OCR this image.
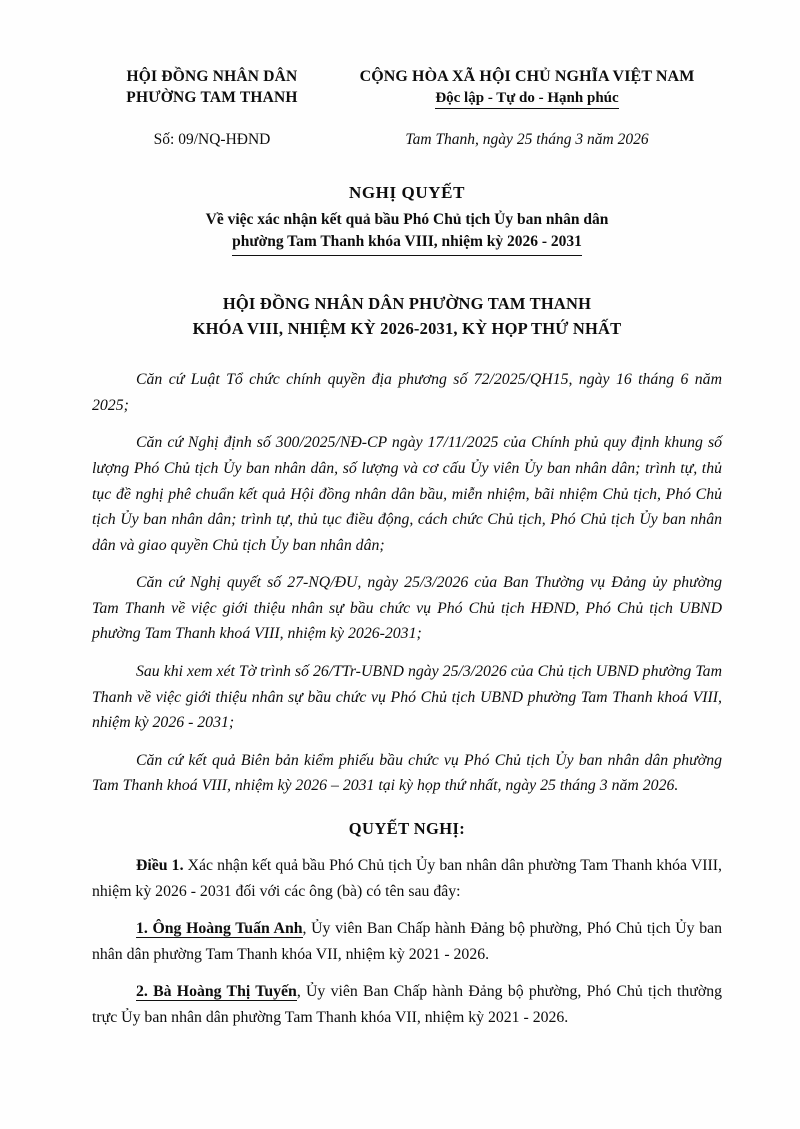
HỘI ĐỒNG NHÂN DÂN
PHƯỜNG TAM THANH
CỘNG HÒA XÃ HỘI CHỦ NGHĨA VIỆT NAM
Độc lập - Tự do - Hạnh phúc
Số: 09/NQ-HĐND	Tam Thanh, ngày 25 tháng 3 năm 2026
NGHỊ QUYẾT
Về việc xác nhận kết quả bầu Phó Chủ tịch Ủy ban nhân dân
phường Tam Thanh khóa VIII, nhiệm kỳ 2026 - 2031
HỘI ĐỒNG NHÂN DÂN PHƯỜNG TAM THANH
KHÓA VIII, NHIỆM KỲ 2026-2031, KỲ HỌP THỨ NHẤT

Căn cứ Luật Tổ chức chính quyền địa phương số 72/2025/QH15, ngày 16 tháng 6 năm 2025;

Căn cứ Nghị định số 300/2025/NĐ-CP ngày 17/11/2025 của Chính phủ quy định khung số lượng Phó Chủ tịch Ủy ban nhân dân, số lượng và cơ cấu Ủy viên Ủy ban nhân dân; trình tự, thủ tục đề nghị phê chuẩn kết quả Hội đồng nhân dân bầu, miễn nhiệm, bãi nhiệm Chủ tịch, Phó Chủ tịch Ủy ban nhân dân; trình tự, thủ tục điều động, cách chức Chủ tịch, Phó Chủ tịch Ủy ban nhân dân và giao quyền Chủ tịch Ủy ban nhân dân;

Căn cứ Nghị quyết số 27-NQ/ĐU, ngày 25/3/2026 của Ban Thường vụ Đảng ủy phường Tam Thanh về việc giới thiệu nhân sự bầu chức vụ Phó Chủ tịch HĐND, Phó Chủ tịch UBND phường Tam Thanh khoá VIII, nhiệm kỳ 2026-2031;

Sau khi xem xét Tờ trình số 26/TTr-UBND ngày 25/3/2026 của Chủ tịch UBND phường Tam Thanh về việc giới thiệu nhân sự bầu chức vụ Phó Chủ tịch UBND phường Tam Thanh khoá VIII, nhiệm kỳ 2026 - 2031;

Căn cứ kết quả Biên bản kiểm phiếu bầu chức vụ Phó Chủ tịch Ủy ban nhân dân phường Tam Thanh khoá VIII, nhiệm kỳ 2026 – 2031 tại kỳ họp thứ nhất, ngày 25 tháng 3 năm 2026.

QUYẾT NGHỊ:

Điều 1. Xác nhận kết quả bầu Phó Chủ tịch Ủy ban nhân dân phường Tam Thanh khóa VIII, nhiệm kỳ 2026 - 2031 đối với các ông (bà) có tên sau đây:

1. Ông Hoàng Tuấn Anh, Ủy viên Ban Chấp hành Đảng bộ phường, Phó Chủ tịch Ủy ban nhân dân phường Tam Thanh khóa VII, nhiệm kỳ 2021 - 2026.

2. Bà Hoàng Thị Tuyến, Ủy viên Ban Chấp hành Đảng bộ phường, Phó Chủ tịch thường trực Ủy ban nhân dân phường Tam Thanh khóa VII, nhiệm kỳ 2021 - 2026.
